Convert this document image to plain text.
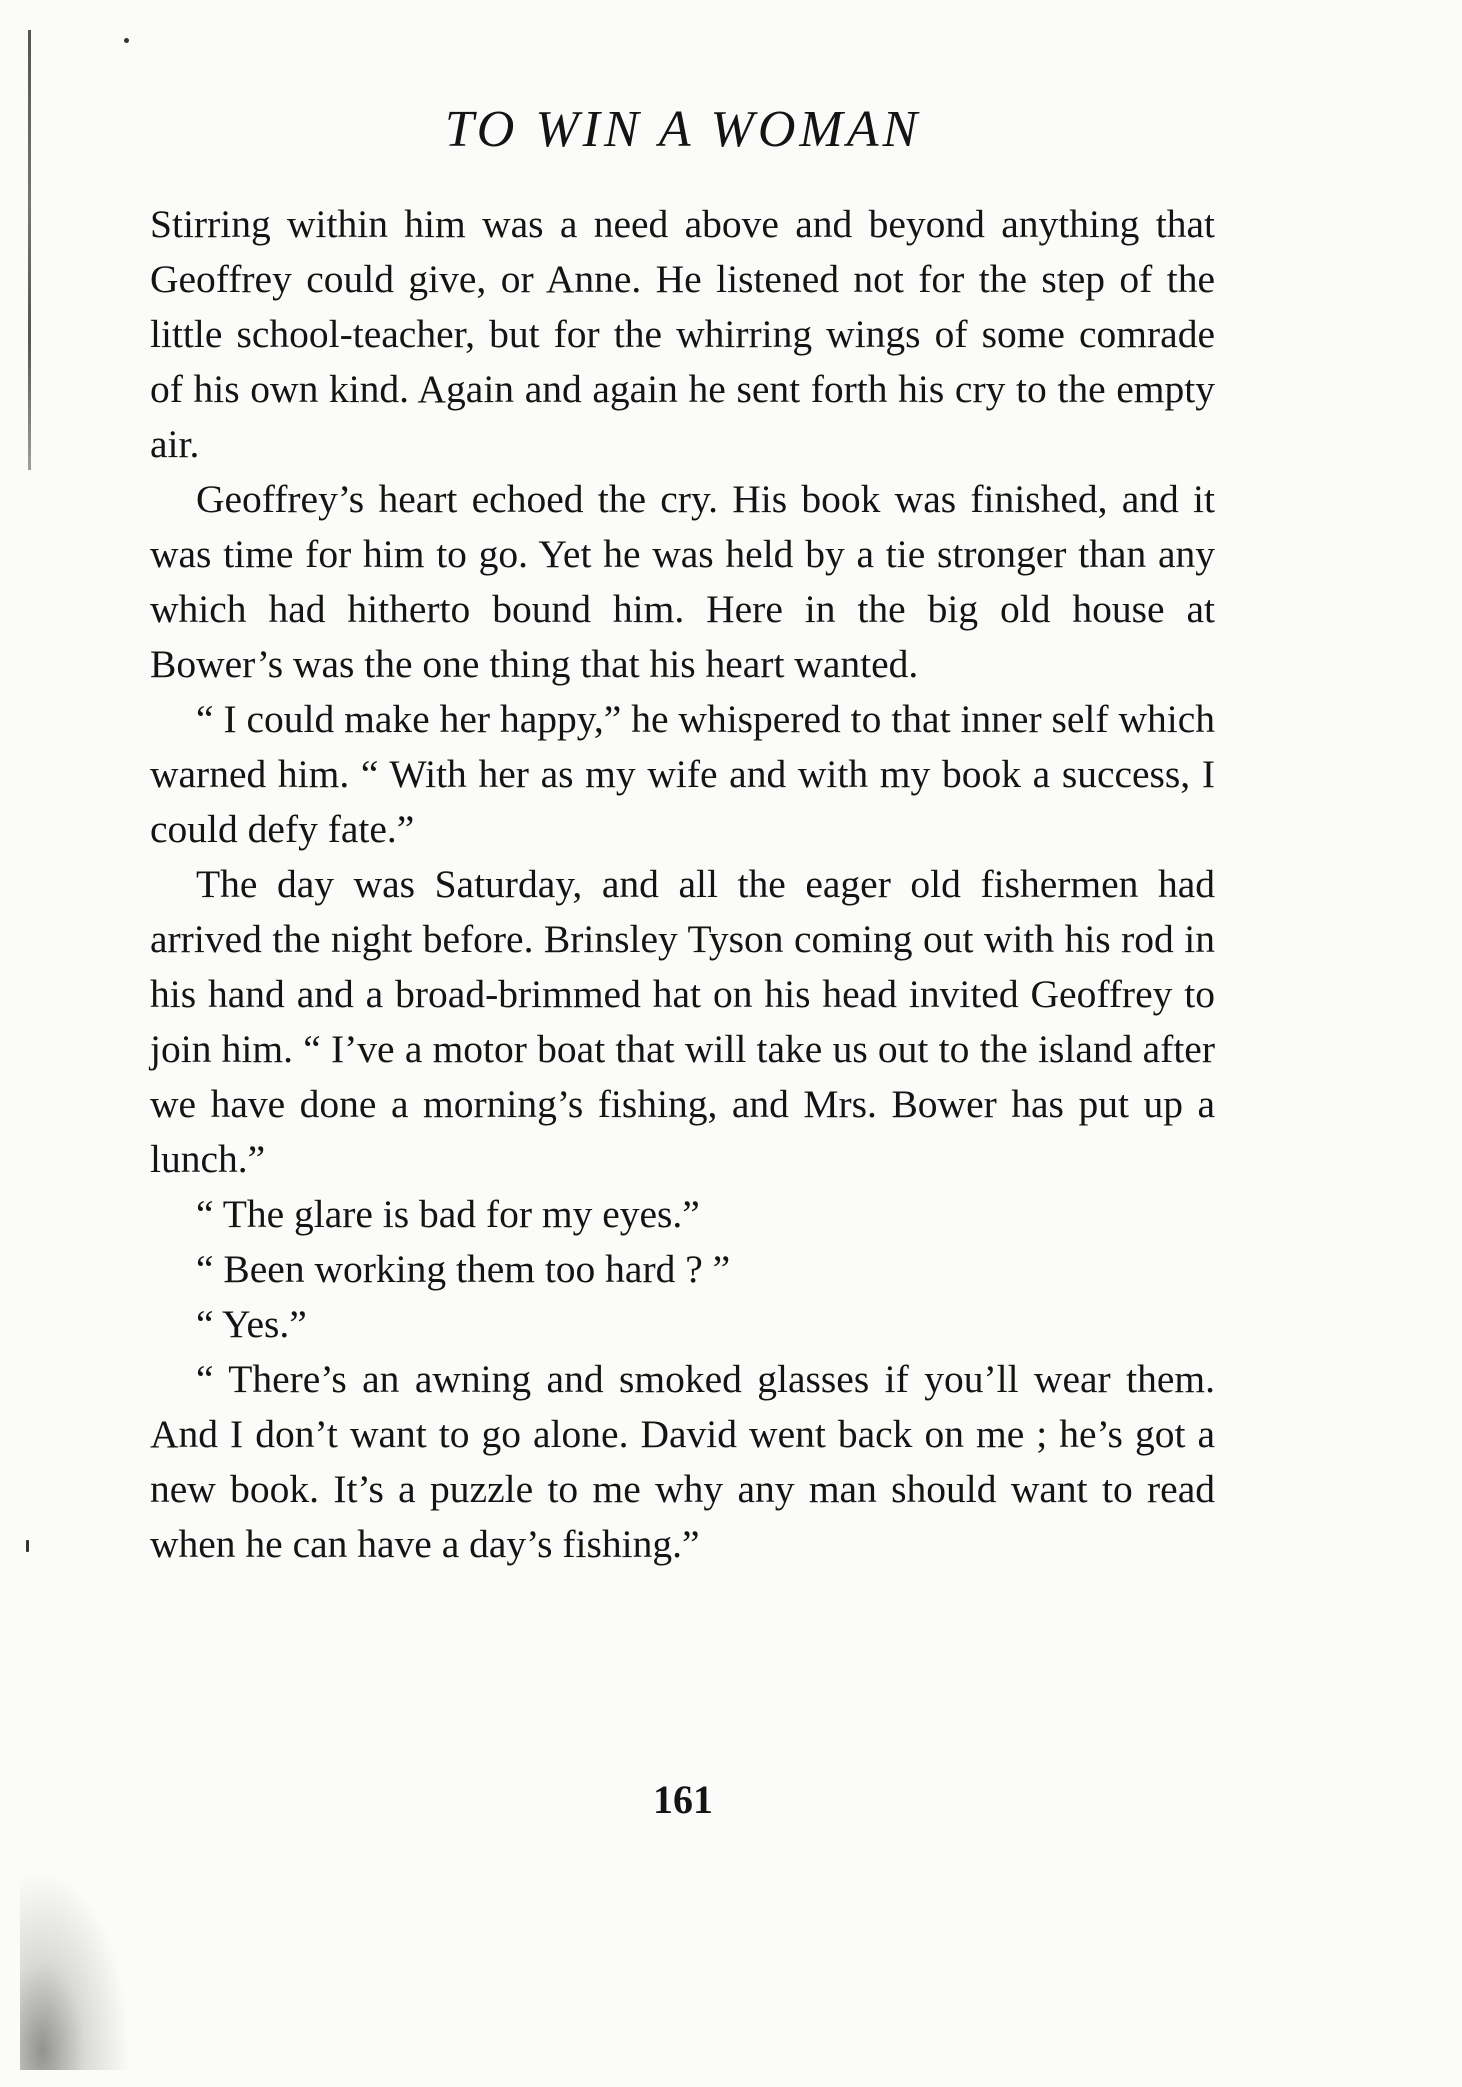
TO WIN A WOMAN

Stirring within him was a need above and beyond anything that Geoffrey could give, or Anne. He listened not for the step of the little school-teacher, but for the whirring wings of some comrade of his own kind. Again and again he sent forth his cry to the empty air.

Geoffrey’s heart echoed the cry. His book was finished, and it was time for him to go. Yet he was held by a tie stronger than any which had hitherto bound him. Here in the big old house at Bower’s was the one thing that his heart wanted.

“ I could make her happy,” he whispered to that inner self which warned him. “ With her as my wife and with my book a success, I could defy fate.”

The day was Saturday, and all the eager old fishermen had arrived the night before. Brinsley Tyson coming out with his rod in his hand and a broad-brimmed hat on his head invited Geoffrey to join him. “ I’ve a motor boat that will take us out to the island after we have done a morning’s fishing, and Mrs. Bower has put up a lunch.”

“ The glare is bad for my eyes.”

“ Been working them too hard ? ”

“ Yes.”

“ There’s an awning and smoked glasses if you’ll wear them. And I don’t want to go alone. David went back on me ; he’s got a new book. It’s a puzzle to me why any man should want to read when he can have a day’s fishing.”

161
